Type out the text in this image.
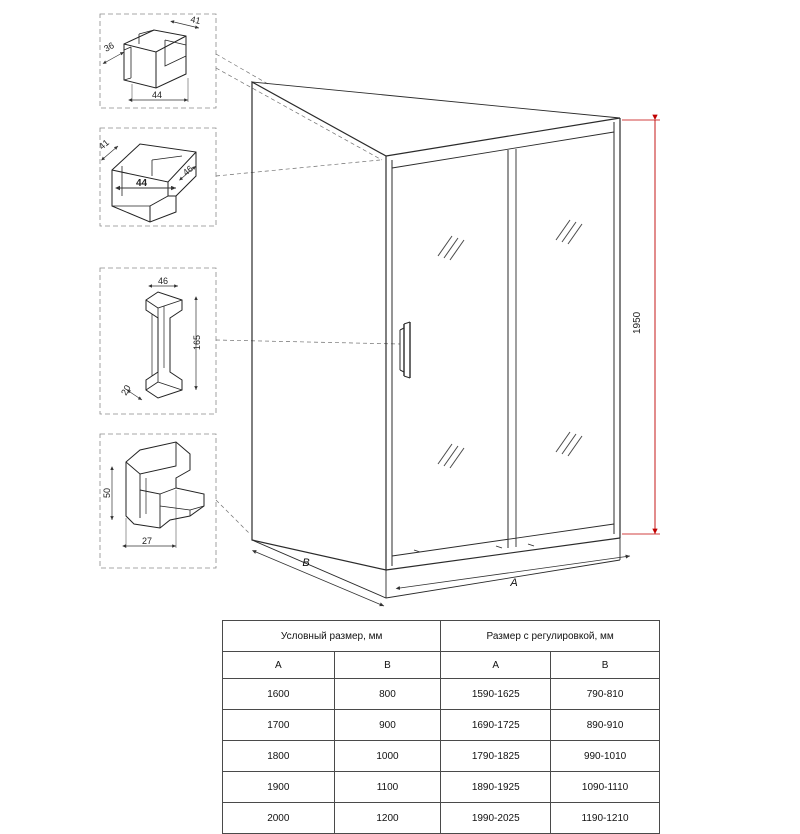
41
36
44
41
44
46
46
165
20
50
27
1950
A
B
Условный размер, мм		Размер с регулировкой, мм	
A	B	A	B
1600	800	1590-1625	790-810
1700	900	1690-1725	890-910
1800	1000	1790-1825	990-1010
1900	1100	1890-1925	1090-1110
2000	1200	1990-2025	1190-1210
